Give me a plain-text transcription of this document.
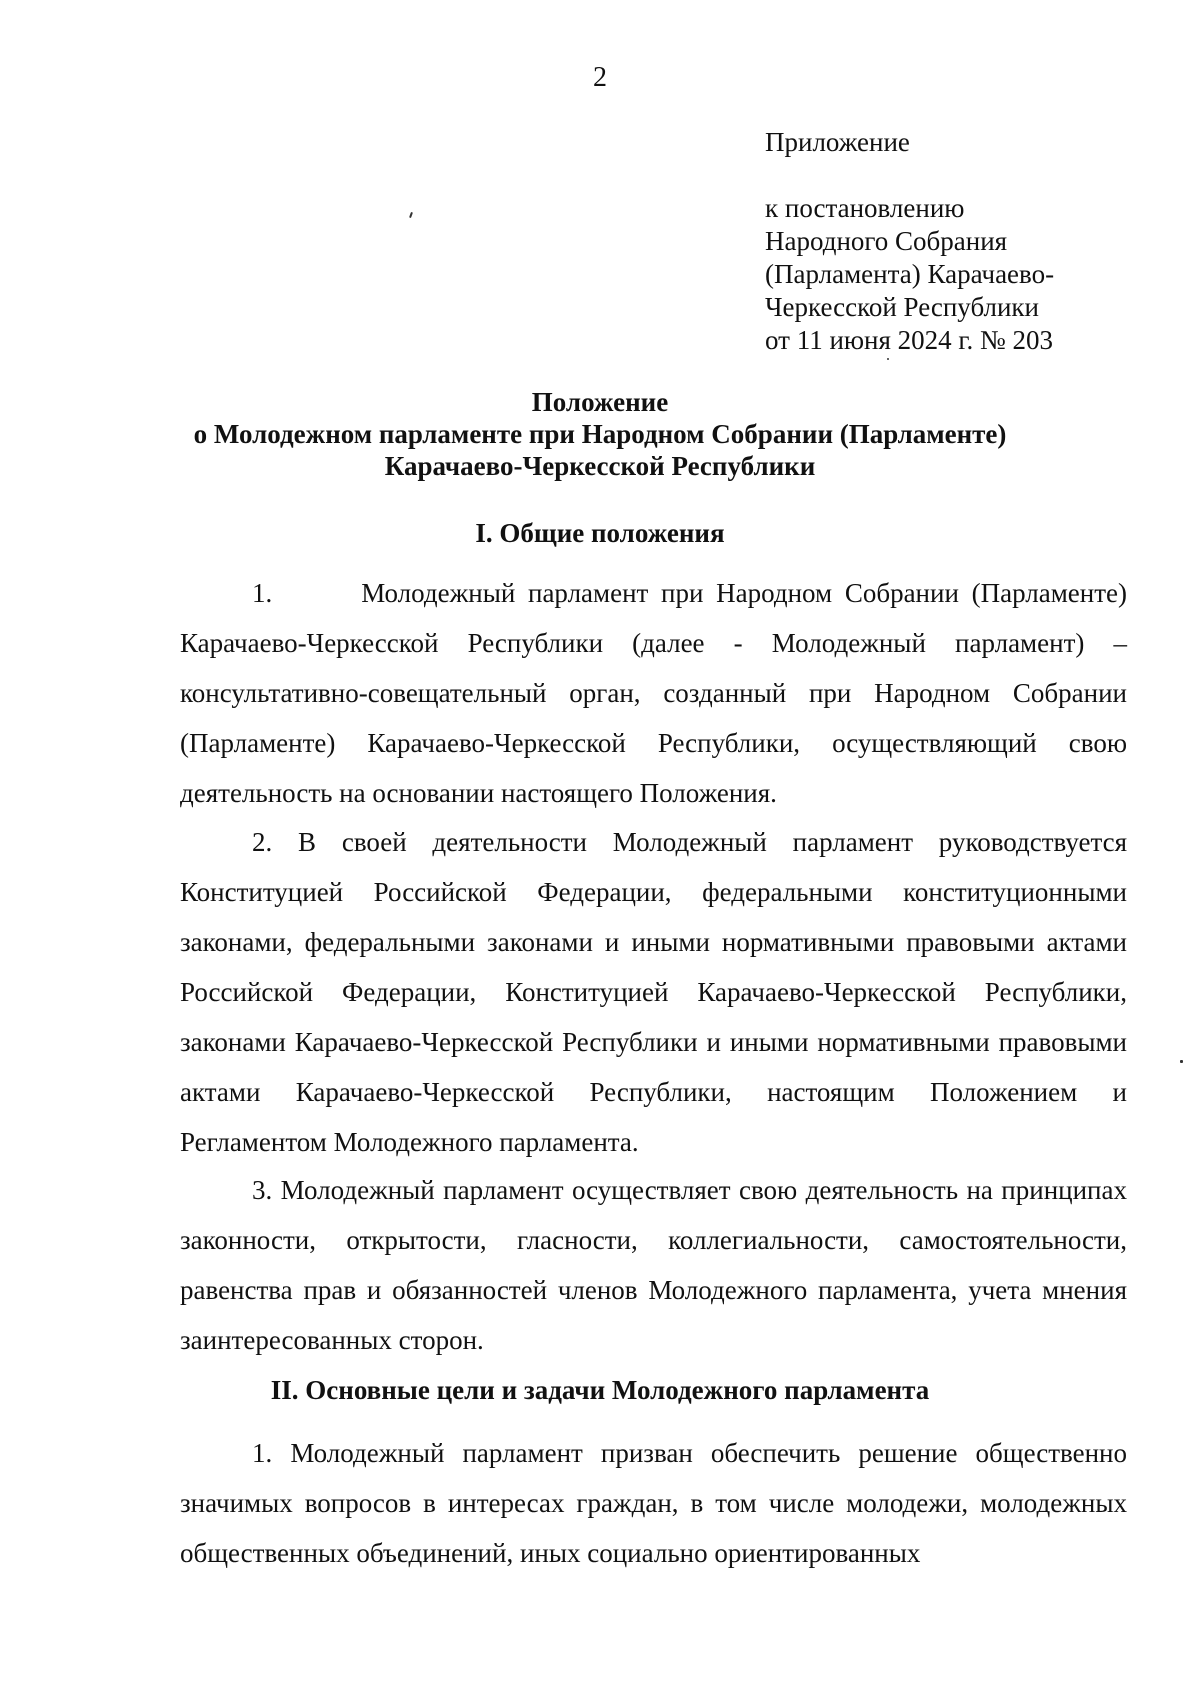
2
Приложение
к постановлению
Народного Собрания
(Парламента) Карачаево-
Черкесской Республики
от 11 июня 2024 г. № 203
Положение
о Молодежном парламенте при Народном Собрании (Парламенте)
Карачаево-Черкесской Республики
I. Общие положения

1.       Молодежный парламент при Народном Собрании (Парламенте) Карачаево-Черкесской Республики (далее - Молодежный парламент) – консультативно-совещательный орган, созданный при Народном Собрании (Парламенте) Карачаево-Черкесской Республики, осуществляющий свою деятельность на основании настоящего Положения.

2. В своей деятельности Молодежный парламент руководствуется Конституцией Российской Федерации, федеральными конституционными законами, федеральными законами и иными нормативными правовыми актами Российской Федерации, Конституцией Карачаево-Черкесской Республики, законами Карачаево-Черкесской Республики и иными нормативными правовыми актами Карачаево-Черкесской Республики, настоящим Положением и Регламентом Молодежного парламента.

3. Молодежный парламент осуществляет свою деятельность на принципах законности, открытости, гласности, коллегиальности, самостоятельности, равенства прав и обязанностей членов Молодежного парламента, учета мнения заинтересованных сторон.

II. Основные цели и задачи Молодежного парламента

1. Молодежный парламент призван обеспечить решение общественно значимых вопросов в интересах граждан, в том числе молодежи, молодежных общественных объединений, иных социально ориентированных
